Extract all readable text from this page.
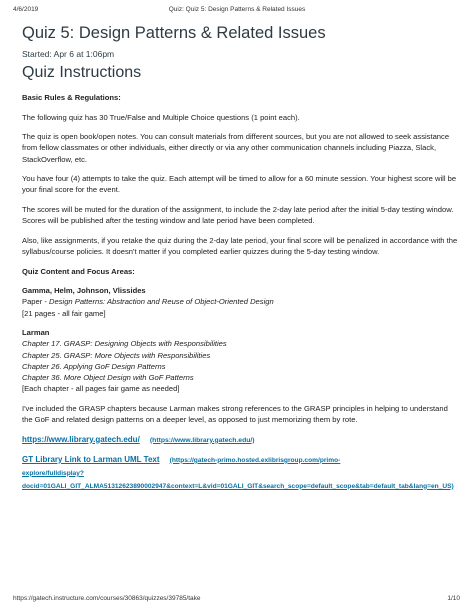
4/6/2019	Quiz: Quiz 5: Design Patterns & Related Issues
Quiz 5: Design Patterns & Related Issues
Started: Apr 6 at 1:06pm
Quiz Instructions

Basic Rules & Regulations:

The following quiz has 30 True/False and Multiple Choice questions (1 point each).

The quiz is open book/open notes. You can consult materials from different sources, but you are not allowed to seek assistance from fellow classmates or other individuals, either directly or via any other communication channels including Piazza, Slack, StackOverflow, etc.

You have four (4) attempts to take the quiz. Each attempt will be timed to allow for a 60 minute session. Your highest score will be your final score for the event.

The scores will be muted for the duration of the assignment, to include the 2-day late period after the initial 5-day testing window. Scores will be published after the testing window and late period have been completed.

Also, like assignments, if you retake the quiz during the 2-day late period, your final score will be penalized in accordance with the syllabus/course policies. It doesn't matter if you completed earlier quizzes during the 5-day testing window.

Quiz Content and Focus Areas:

Gamma, Helm, Johnson, Vlissides
Paper - Design Patterns: Abstraction and Reuse of Object-Oriented Design
[21 pages - all fair game]

Larman
Chapter 17. GRASP: Designing Objects with Responsibilities
Chapter 25. GRASP: More Objects with Responsibilities
Chapter 26. Applying GoF Design Patterns
Chapter 36. More Object Design with GoF Patterns
[Each chapter - all pages fair game as needed]

I've included the GRASP chapters because Larman makes strong references to the GRASP principles in helping to understand the GoF and related design patterns on a deeper level, as opposed to just memorizing them by rote.

https://www.library.gatech.edu/ (https://www.library.gatech.edu/)
GT Library Link to Larman UML Text (https://gatech-primo.hosted.exlibrisgroup.com/primo-
explore/fulldisplay?
docid=01GALI_GIT_ALMA51312623890002947&context=L&vid=01GALI_GIT&search_scope=default_scope&tab=default_tab&lang=en_US)
https://gatech.instructure.com/courses/30863/quizzes/39785/take	1/10
